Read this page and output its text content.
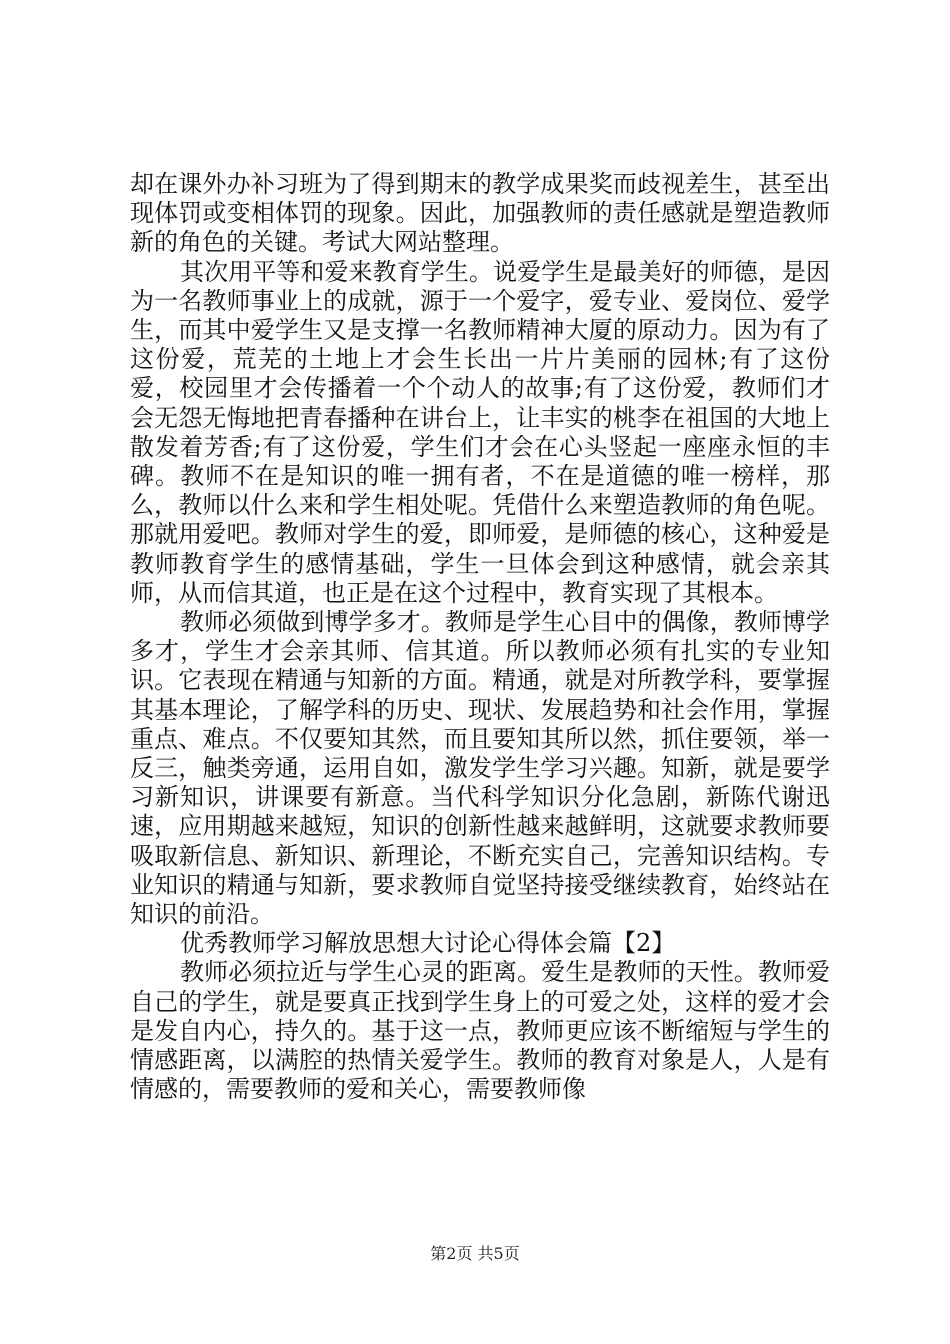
却在课外办补习班为了得到期末的教学成果奖而歧视差生，甚至出现体罚或变相体罚的现象。因此，加强教师的责任感就是塑造教师新的角色的关键。考试大网站整理。

其次用平等和爱来教育学生。说爱学生是最美好的师德，是因为一名教师事业上的成就，源于一个爱字，爱专业、爱岗位、爱学生，而其中爱学生又是支撑一名教师精神大厦的原动力。因为有了这份爱，荒芜的土地上才会生长出一片片美丽的园林;有了这份爱，校园里才会传播着一个个动人的故事;有了这份爱，教师们才会无怨无悔地把青春播种在讲台上，让丰实的桃李在祖国的大地上散发着芳香;有了这份爱，学生们才会在心头竖起一座座永恒的丰碑。教师不在是知识的唯一拥有者，不在是道德的唯一榜样，那么，教师以什么来和学生相处呢。凭借什么来塑造教师的角色呢。那就用爱吧。教师对学生的爱，即师爱，是师德的核心，这种爱是教师教育学生的感情基础，学生一旦体会到这种感情，就会亲其师，从而信其道，也正是在这个过程中，教育实现了其根本。

教师必须做到博学多才。教师是学生心目中的偶像，教师博学多才，学生才会亲其师、信其道。所以教师必须有扎实的专业知识。它表现在精通与知新的方面。精通，就是对所教学科，要掌握其基本理论，了解学科的历史、现状、发展趋势和社会作用，掌握重点、难点。不仅要知其然，而且要知其所以然，抓住要领，举一反三，触类旁通，运用自如，激发学生学习兴趣。知新，就是要学习新知识，讲课要有新意。当代科学知识分化急剧，新陈代谢迅速，应用期越来越短，知识的创新性越来越鲜明，这就要求教师要吸取新信息、新知识、新理论，不断充实自己，完善知识结构。专业知识的精通与知新，要求教师自觉坚持接受继续教育，始终站在知识的前沿。

优秀教师学习解放思想大讨论心得体会篇【2】

教师必须拉近与学生心灵的距离。爱生是教师的天性。教师爱自己的学生，就是要真正找到学生身上的可爱之处，这样的爱才会是发自内心，持久的。基于这一点，教师更应该不断缩短与学生的情感距离，以满腔的热情关爱学生。教师的教育对象是人，人是有情感的，需要教师的爱和关心，需要教师像

第2页 共5页
